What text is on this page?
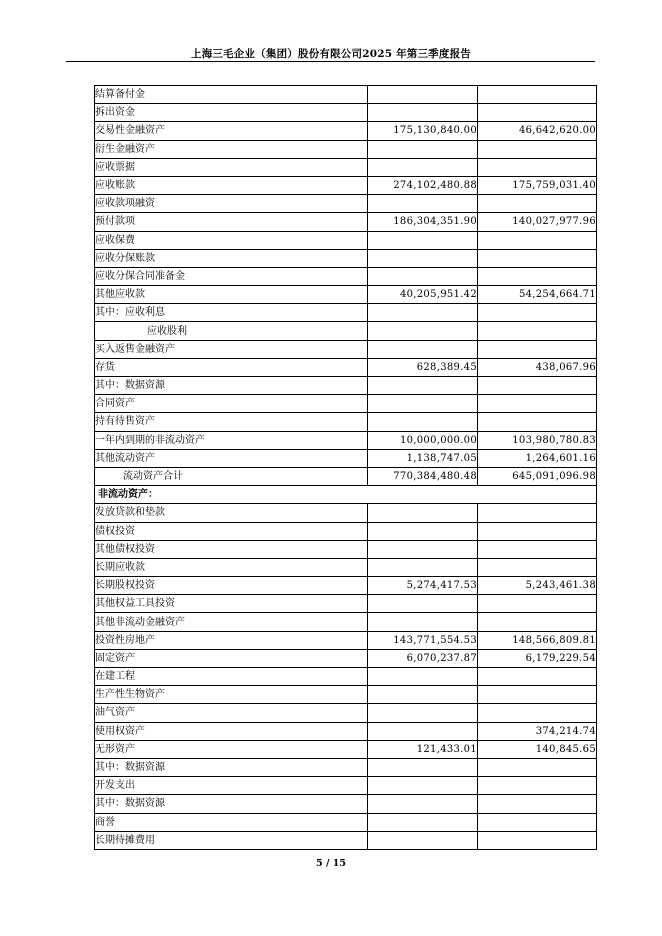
上海三毛企业（集团）股份有限公司2025 年第三季度报告
结算备付金		
拆出资金		
交易性金融资产	175,130,840.00	46,642,620.00
衍生金融资产		
应收票据		
应收账款	274,102,480.88	175,759,031.40
应收款项融资		
预付款项	186,304,351.90	140,027,977.96
应收保费		
应收分保账款		
应收分保合同准备金		
其他应收款	40,205,951.42	54,254,664.71
其中：应收利息		
应收股利		
买入返售金融资产		
存货	628,389.45	438,067.96
其中：数据资源		
合同资产		
持有待售资产		
一年内到期的非流动资产	10,000,000.00	103,980,780.83
其他流动资产	1,138,747.05	1,264,601.16
流动资产合计	770,384,480.48	645,091,096.98
非流动资产：		
发放贷款和垫款		
债权投资		
其他债权投资		
长期应收款		
长期股权投资	5,274,417.53	5,243,461.38
其他权益工具投资		
其他非流动金融资产		
投资性房地产	143,771,554.53	148,566,809.81
固定资产	6,070,237.87	6,179,229.54
在建工程		
生产性生物资产		
油气资产		
使用权资产		374,214.74
无形资产	121,433.01	140,845.65
其中：数据资源		
开发支出		
其中：数据资源		
商誉		
长期待摊费用		
5 / 15
